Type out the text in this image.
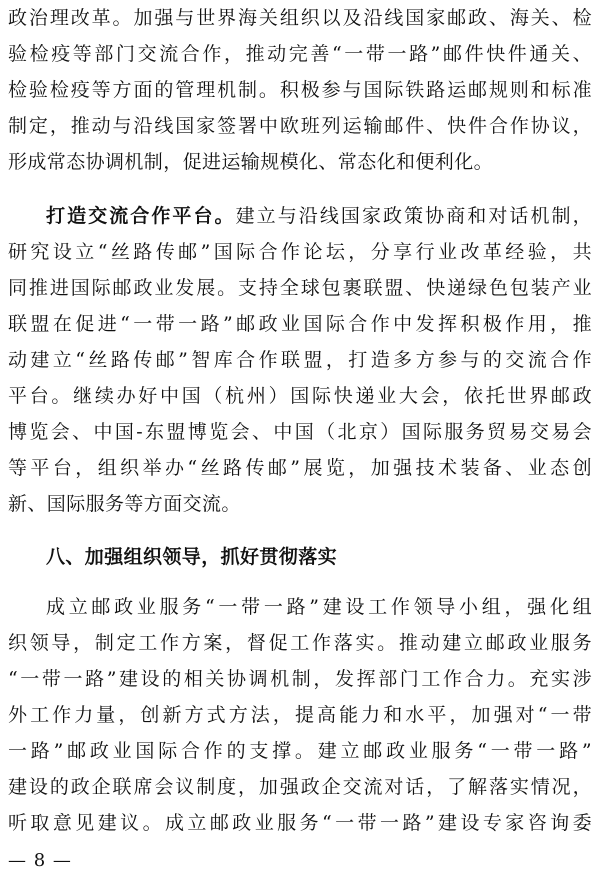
政治理改革。加强与世界海关组织以及沿线国家邮政、海关、检
验检疫等部门交流合作，推动完善“一带一路”邮件快件通关、
检验检疫等方面的管理机制。积极参与国际铁路运邮规则和标准
制定，推动与沿线国家签署中欧班列运输邮件、快件合作协议，
形成常态协调机制，促进运输规模化、常态化和便利化。
打造交流合作平台。建立与沿线国家政策协商和对话机制，
研究设立“丝路传邮”国际合作论坛，分享行业改革经验，共
同推进国际邮政业发展。支持全球包裹联盟、快递绿色包装产业
联盟在促进“一带一路”邮政业国际合作中发挥积极作用，推
动建立“丝路传邮”智库合作联盟，打造多方参与的交流合作
平台。继续办好中国（杭州）国际快递业大会，依托世界邮政
博览会、中国-东盟博览会、中国（北京）国际服务贸易交易会
等平台，组织举办“丝路传邮”展览，加强技术装备、业态创
新、国际服务等方面交流。
八、加强组织领导，抓好贯彻落实
成立邮政业服务“一带一路”建设工作领导小组，强化组
织领导，制定工作方案，督促工作落实。推动建立邮政业服务
“一带一路”建设的相关协调机制，发挥部门工作合力。充实涉
外工作力量，创新方式方法，提高能力和水平，加强对“一带
一路”邮政业国际合作的支撑。建立邮政业服务“一带一路”
建设的政企联席会议制度，加强政企交流对话，了解落实情况，
听取意见建议。成立邮政业服务“一带一路”建设专家咨询委
— 8 —
